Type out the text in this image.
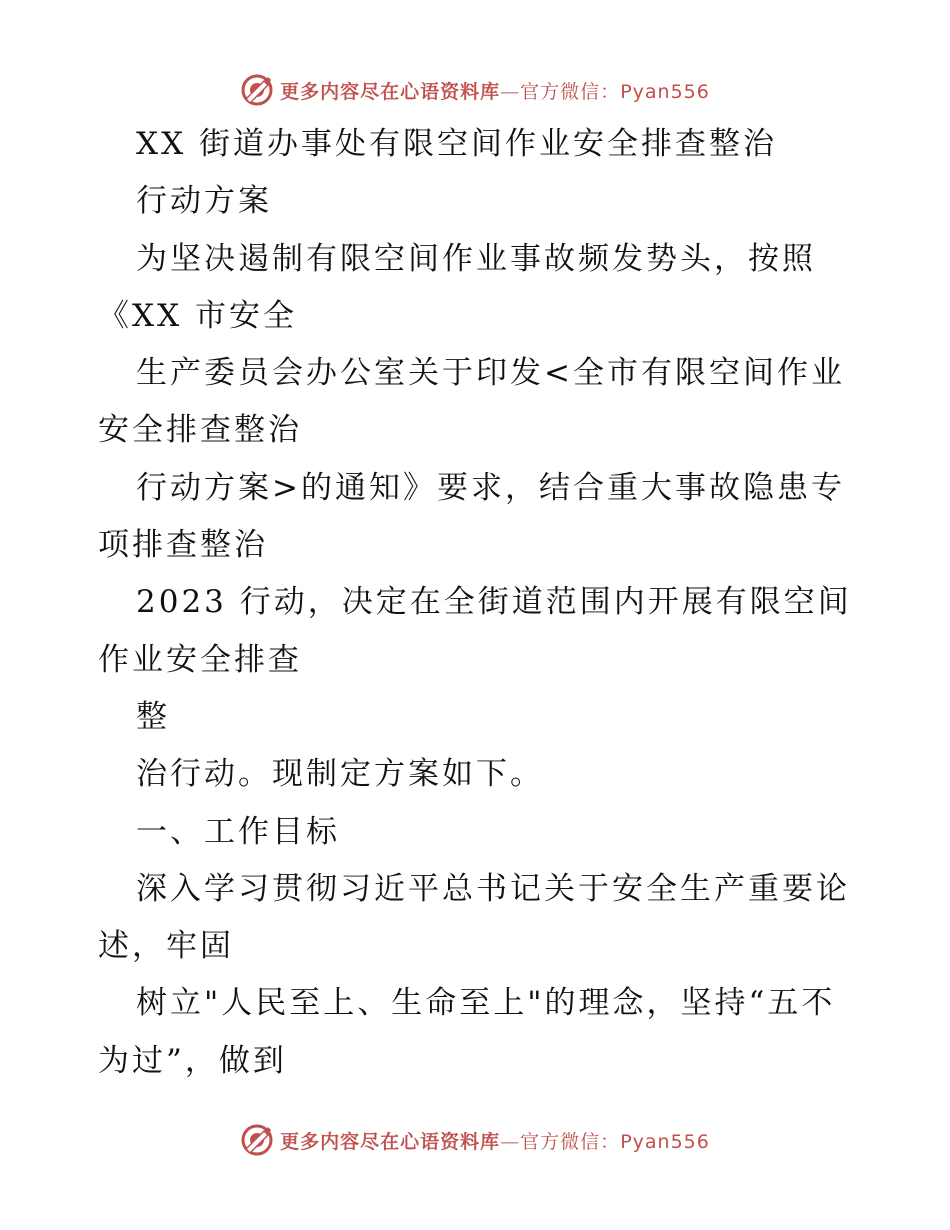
更多内容尽在心语资料库—官方微信：Pyan556
XX 街道办事处有限空间作业安全排查整治
行动方案
为坚决遏制有限空间作业事故频发势头，按照
《XX 市安全
生产委员会办公室关于印发<全市有限空间作业
安全排查整治
行动方案>的通知》要求，结合重大事故隐患专
项排查整治
2023 行动，决定在全街道范围内开展有限空间
作业安全排查
整
治行动。现制定方案如下。
一、工作目标
深入学习贯彻习近平总书记关于安全生产重要论
述，牢固
树立"人民至上、生命至上"的理念，坚持“五不
为过”，做到
更多内容尽在心语资料库—官方微信：Pyan556
